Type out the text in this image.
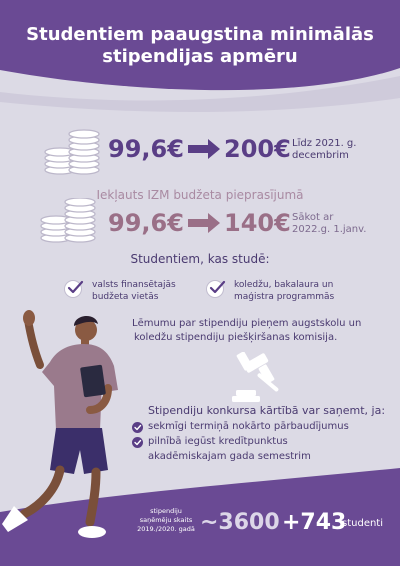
Studentiem paaugstina minimālās
stipendijas apmēru
99,6€ 200€ Līdz 2021. g.
decembrim
Iekļauts IZM budžeta pieprasījumā
99,6€ 140€ Sākot ar
2022.g. 1.janv.
Studentiem, kas studē:
valsts finansētajās
budžeta vietās
koledžu, bakalaura un
maģistra programmās
Lēmumu par stipendiju pieņem augstskolu un
koledžu stipendiju piešķiršanas komisija.
Stipendiju konkursa kārtībā var saņemt, ja:
sekmīgi termiņā nokārto pārbaudījumus
pilnībā iegūst kredītpunktus
akadēmiskajam gada semestrim
stipendiju
saņēmēju skaits
2019./2020. gadā ~3600 +743
studenti
